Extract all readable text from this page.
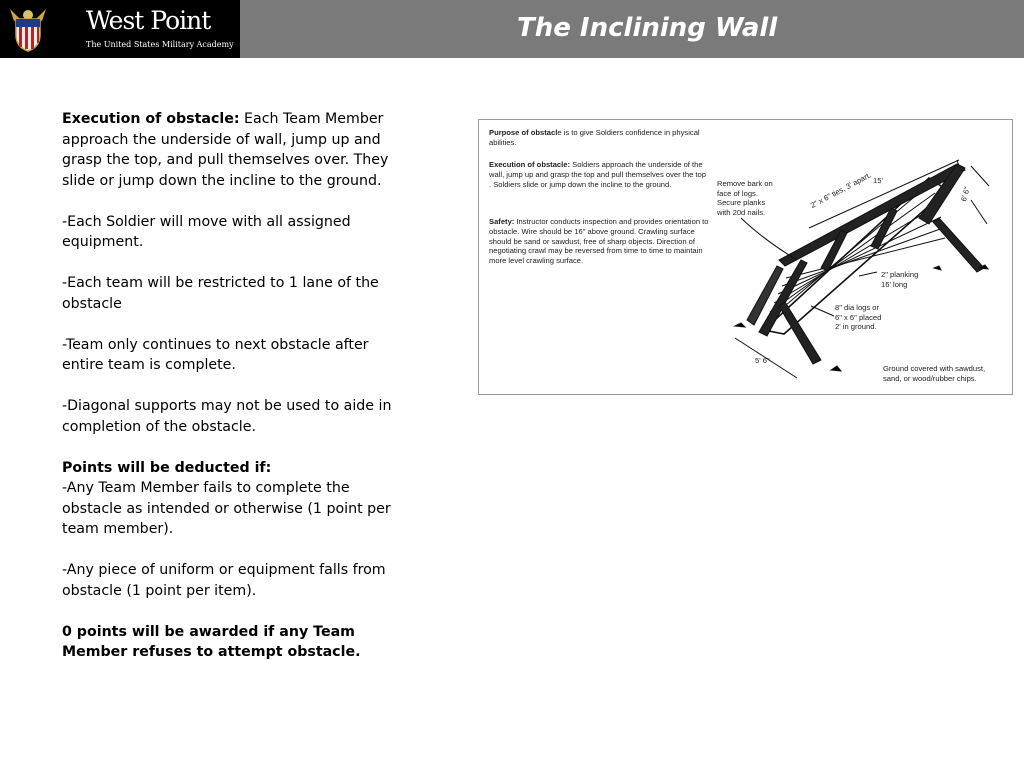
West Point
The United States Military Academy
The Inclining Wall

Execution of obstacle: Each Team Member approach the underside of wall, jump up and grasp the top, and pull themselves over. They slide or jump down the incline to the ground.

-Each Soldier will move with all assigned equipment.

-Each team will be restricted to 1 lane of the obstacle

-Team only continues to next obstacle after entire team is complete.

-Diagonal supports may not be used to aide in completion of the obstacle.

Points will be deducted if:
-Any Team Member fails to complete the obstacle as intended or otherwise (1 point per team member).

-Any piece of uniform or equipment falls from obstacle (1 point per item).

0 points will be awarded if any Team Member refuses to attempt obstacle.

Purpose of obstacle is to give Soldiers confidence in physical abilities.
Execution of obstacle: Soldiers approach the underside of the wall, jump up and grasp the top and pull themselves over the top . Soldiers slide or jump down the incline to the ground.
Safety: Instructor conducts inspection and provides orientation to obstacle. Wire should be 16" above ground. Crawling surface should be sand or sawdust, free of sharp objects. Direction of negotiating crawl may be reversed from time to time to maintain more level crawling surface.
Remove bark on
face of logs.
Secure planks
with 20d nails.
15'
2" x 6" ties, 3' apart.	6' 6"
2" planking
16' long
8" dia logs or
6" x 6" placed
2' in ground.
5' 6"
Ground covered with sawdust,
sand, or wood/rubber chips.
